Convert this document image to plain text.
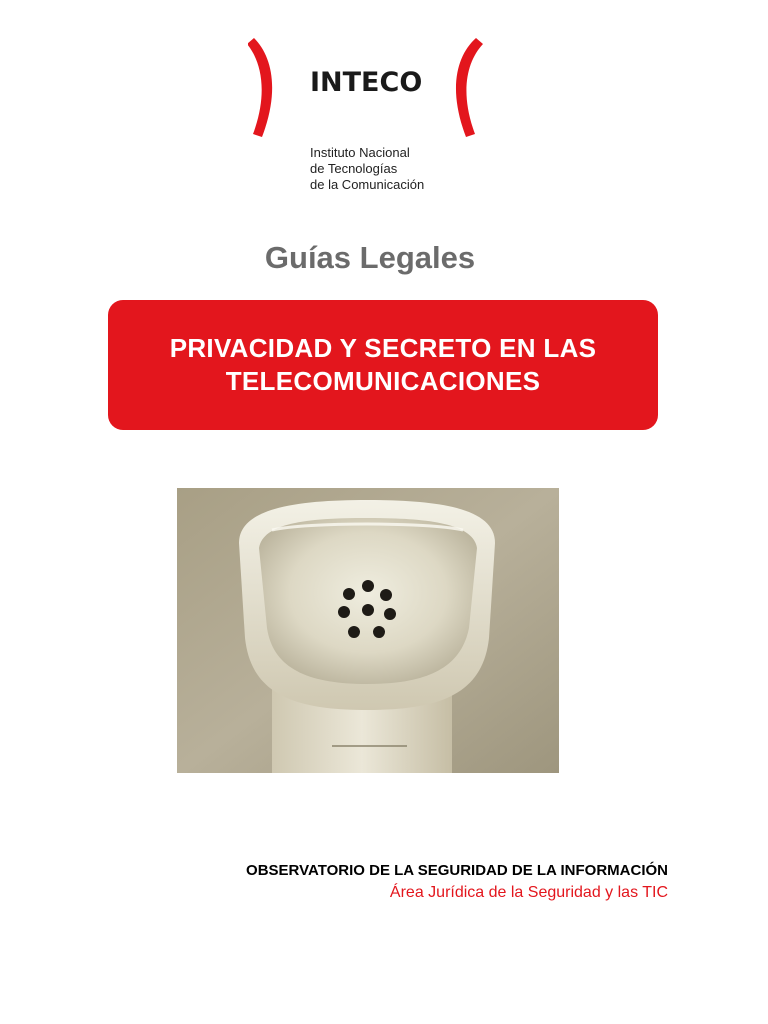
INTECO
Instituto Nacional
de Tecnologías
de la Comunicación
Guías Legales
PRIVACIDAD Y SECRETO EN LAS
TELECOMUNICACIONES
OBSERVATORIO DE LA SEGURIDAD DE LA INFORMACIÓN
Área Jurídica de la Seguridad y las TIC
